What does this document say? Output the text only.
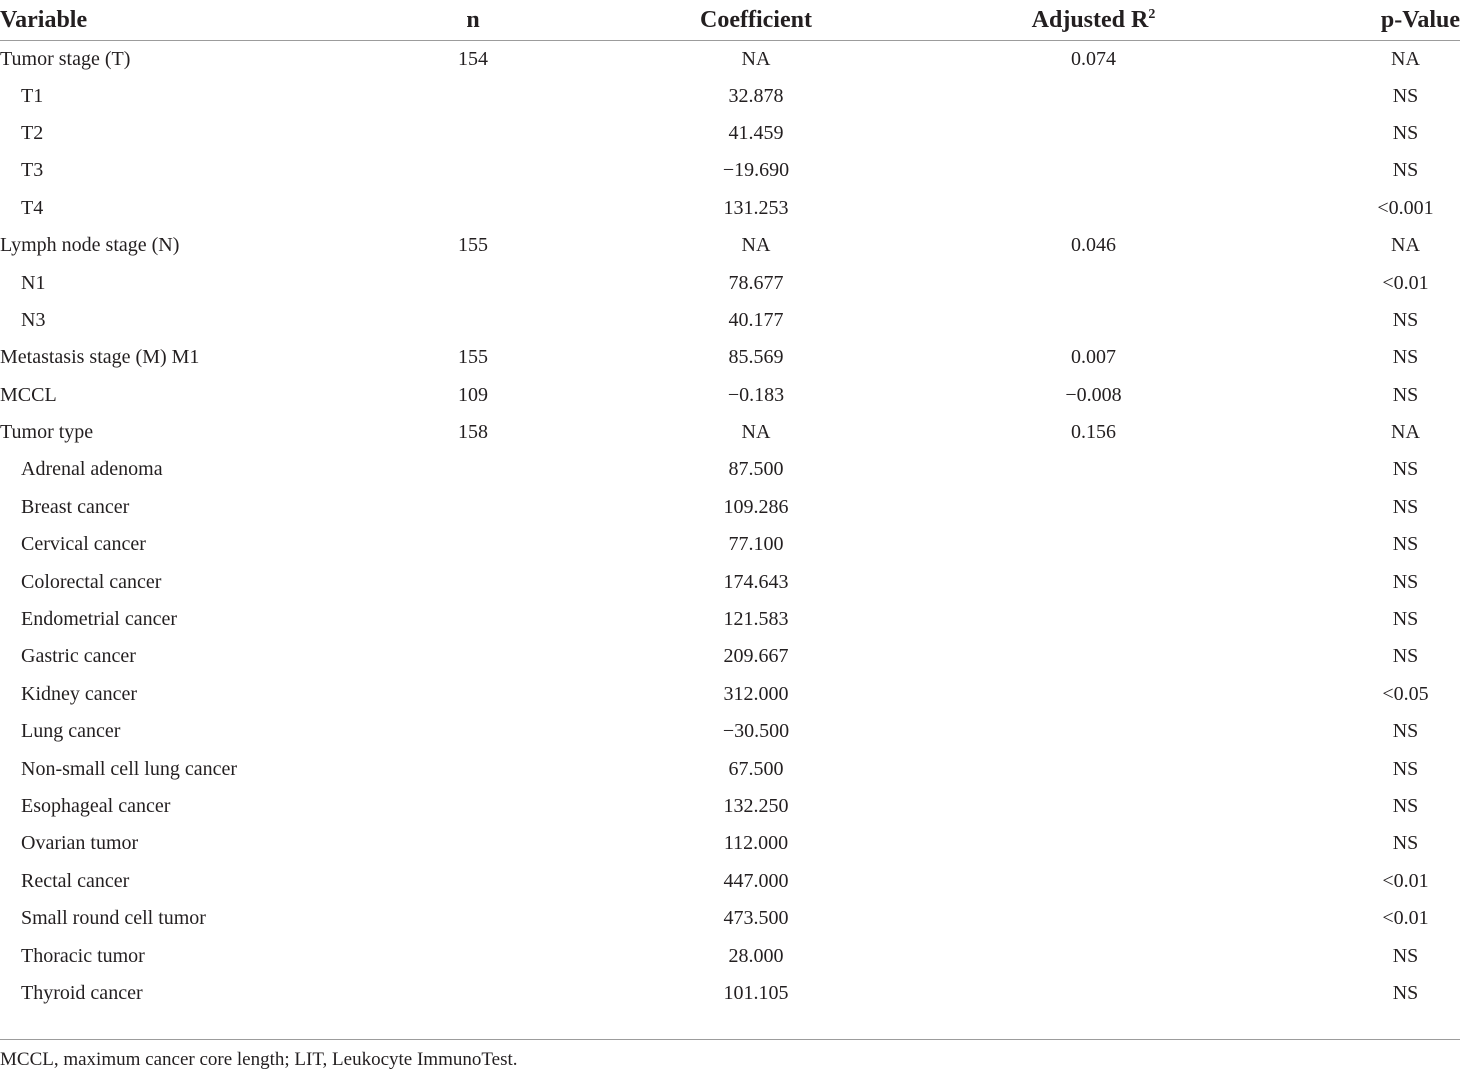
Variable	n	Coefficient	Adjusted $R^2$	p-Value
Tumor stage (T)	154	NA	0.074	NA
T1		32.878		NS
T2		41.459		NS
T3		−19.690		NS
T4		131.253		<0.001
Lymph node stage (N)	155	NA	0.046	NA
N1		78.677		<0.01
N3		40.177		NS
Metastasis stage (M) M1	155	85.569	0.007	NS
MCCL	109	−0.183	−0.008	NS
Tumor type	158	NA	0.156	NA
Adrenal adenoma		87.500		NS
Breast cancer		109.286		NS
Cervical cancer		77.100		NS
Colorectal cancer		174.643		NS
Endometrial cancer		121.583		NS
Gastric cancer		209.667		NS
Kidney cancer		312.000		<0.05
Lung cancer		−30.500		NS
Non-small cell lung cancer		67.500		NS
Esophageal cancer		132.250		NS
Ovarian tumor		112.000		NS
Rectal cancer		447.000		<0.01
Small round cell tumor		473.500		<0.01
Thoracic tumor		28.000		NS
Thyroid cancer		101.105		NS
MCCL, maximum cancer core length; LIT, Leukocyte ImmunoTest.
